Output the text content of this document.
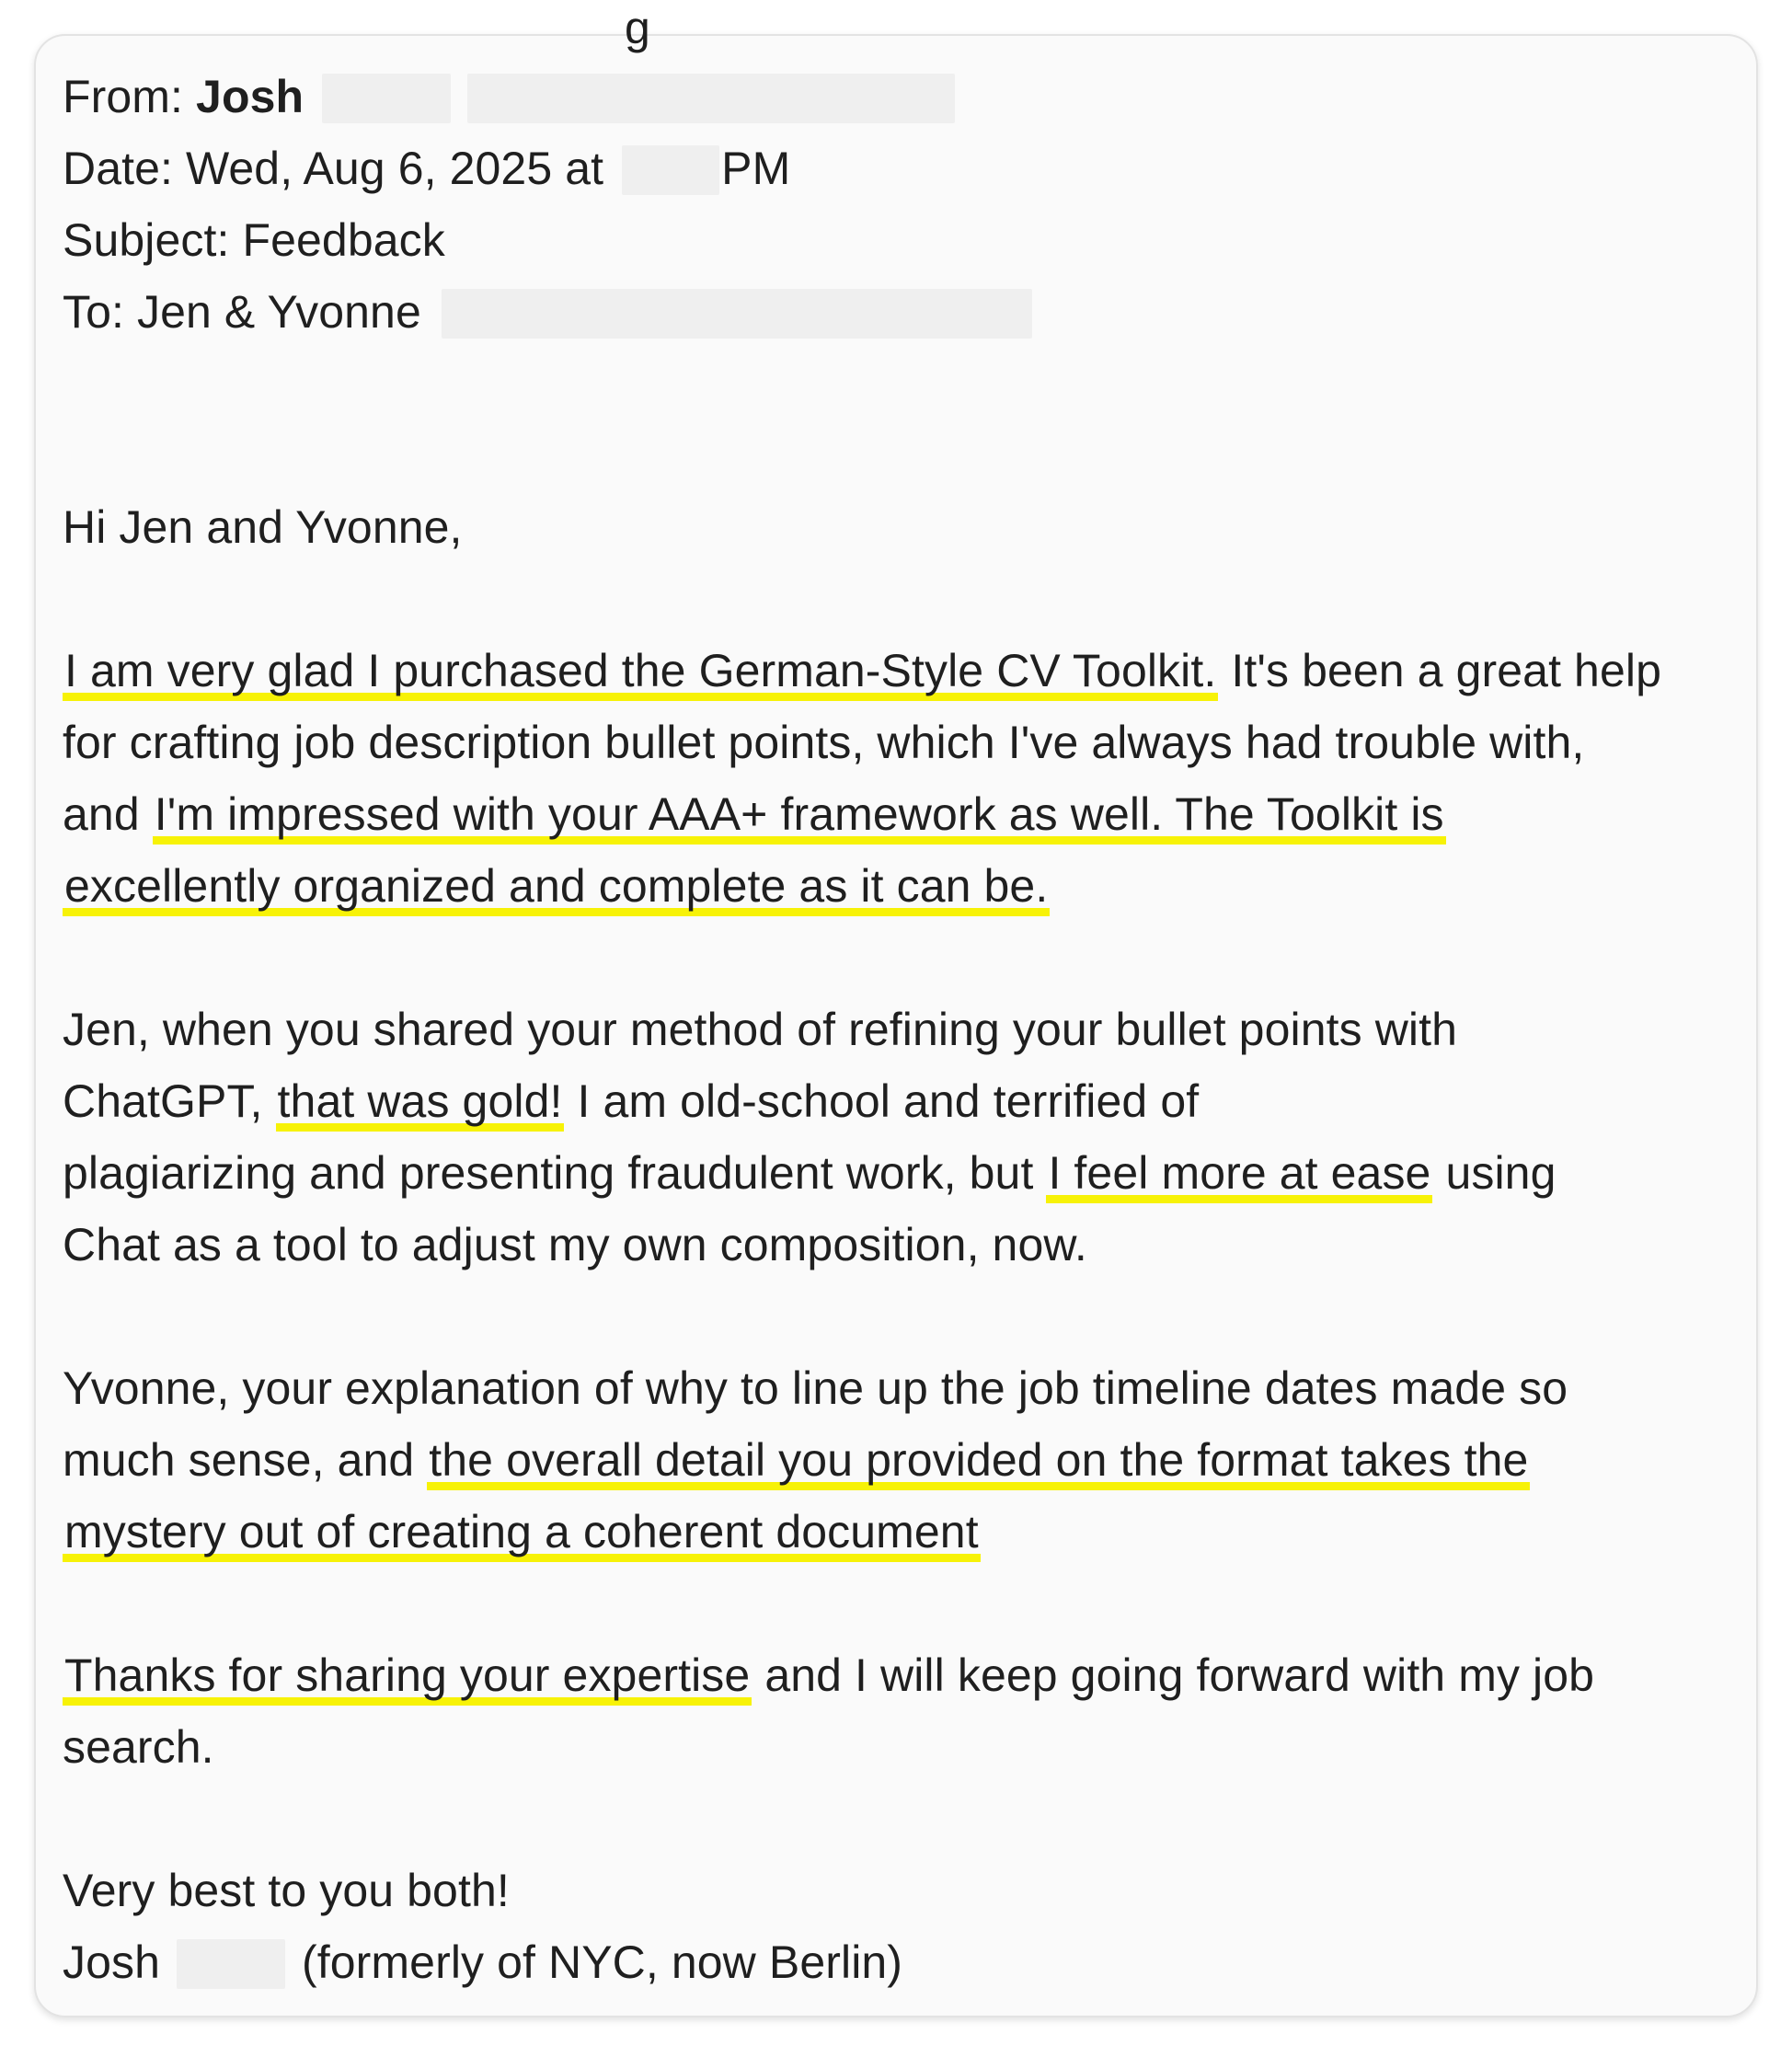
g
From: Josh
Date: Wed, Aug 6, 2025 at	PM
Subject: Feedback
To: Jen & Yvonne
Hi Jen and Yvonne,
I am very glad I purchased the German-Style CV Toolkit. It's been a great help
for crafting job description bullet points, which I've always had trouble with,
and I'm impressed with your AAA+ framework as well. The Toolkit is
excellently organized and complete as it can be.
Jen, when you shared your method of refining your bullet points with
ChatGPT, that was gold! I am old-school and terrified of
plagiarizing and presenting fraudulent work, but I feel more at ease using
Chat as a tool to adjust my own composition, now.
Yvonne, your explanation of why to line up the job timeline dates made so
much sense, and the overall detail you provided on the format takes the
mystery out of creating a coherent document
Thanks for sharing your expertise and I will keep going forward with my job
search.
Very best to you both!
Josh	(formerly of NYC, now Berlin)
